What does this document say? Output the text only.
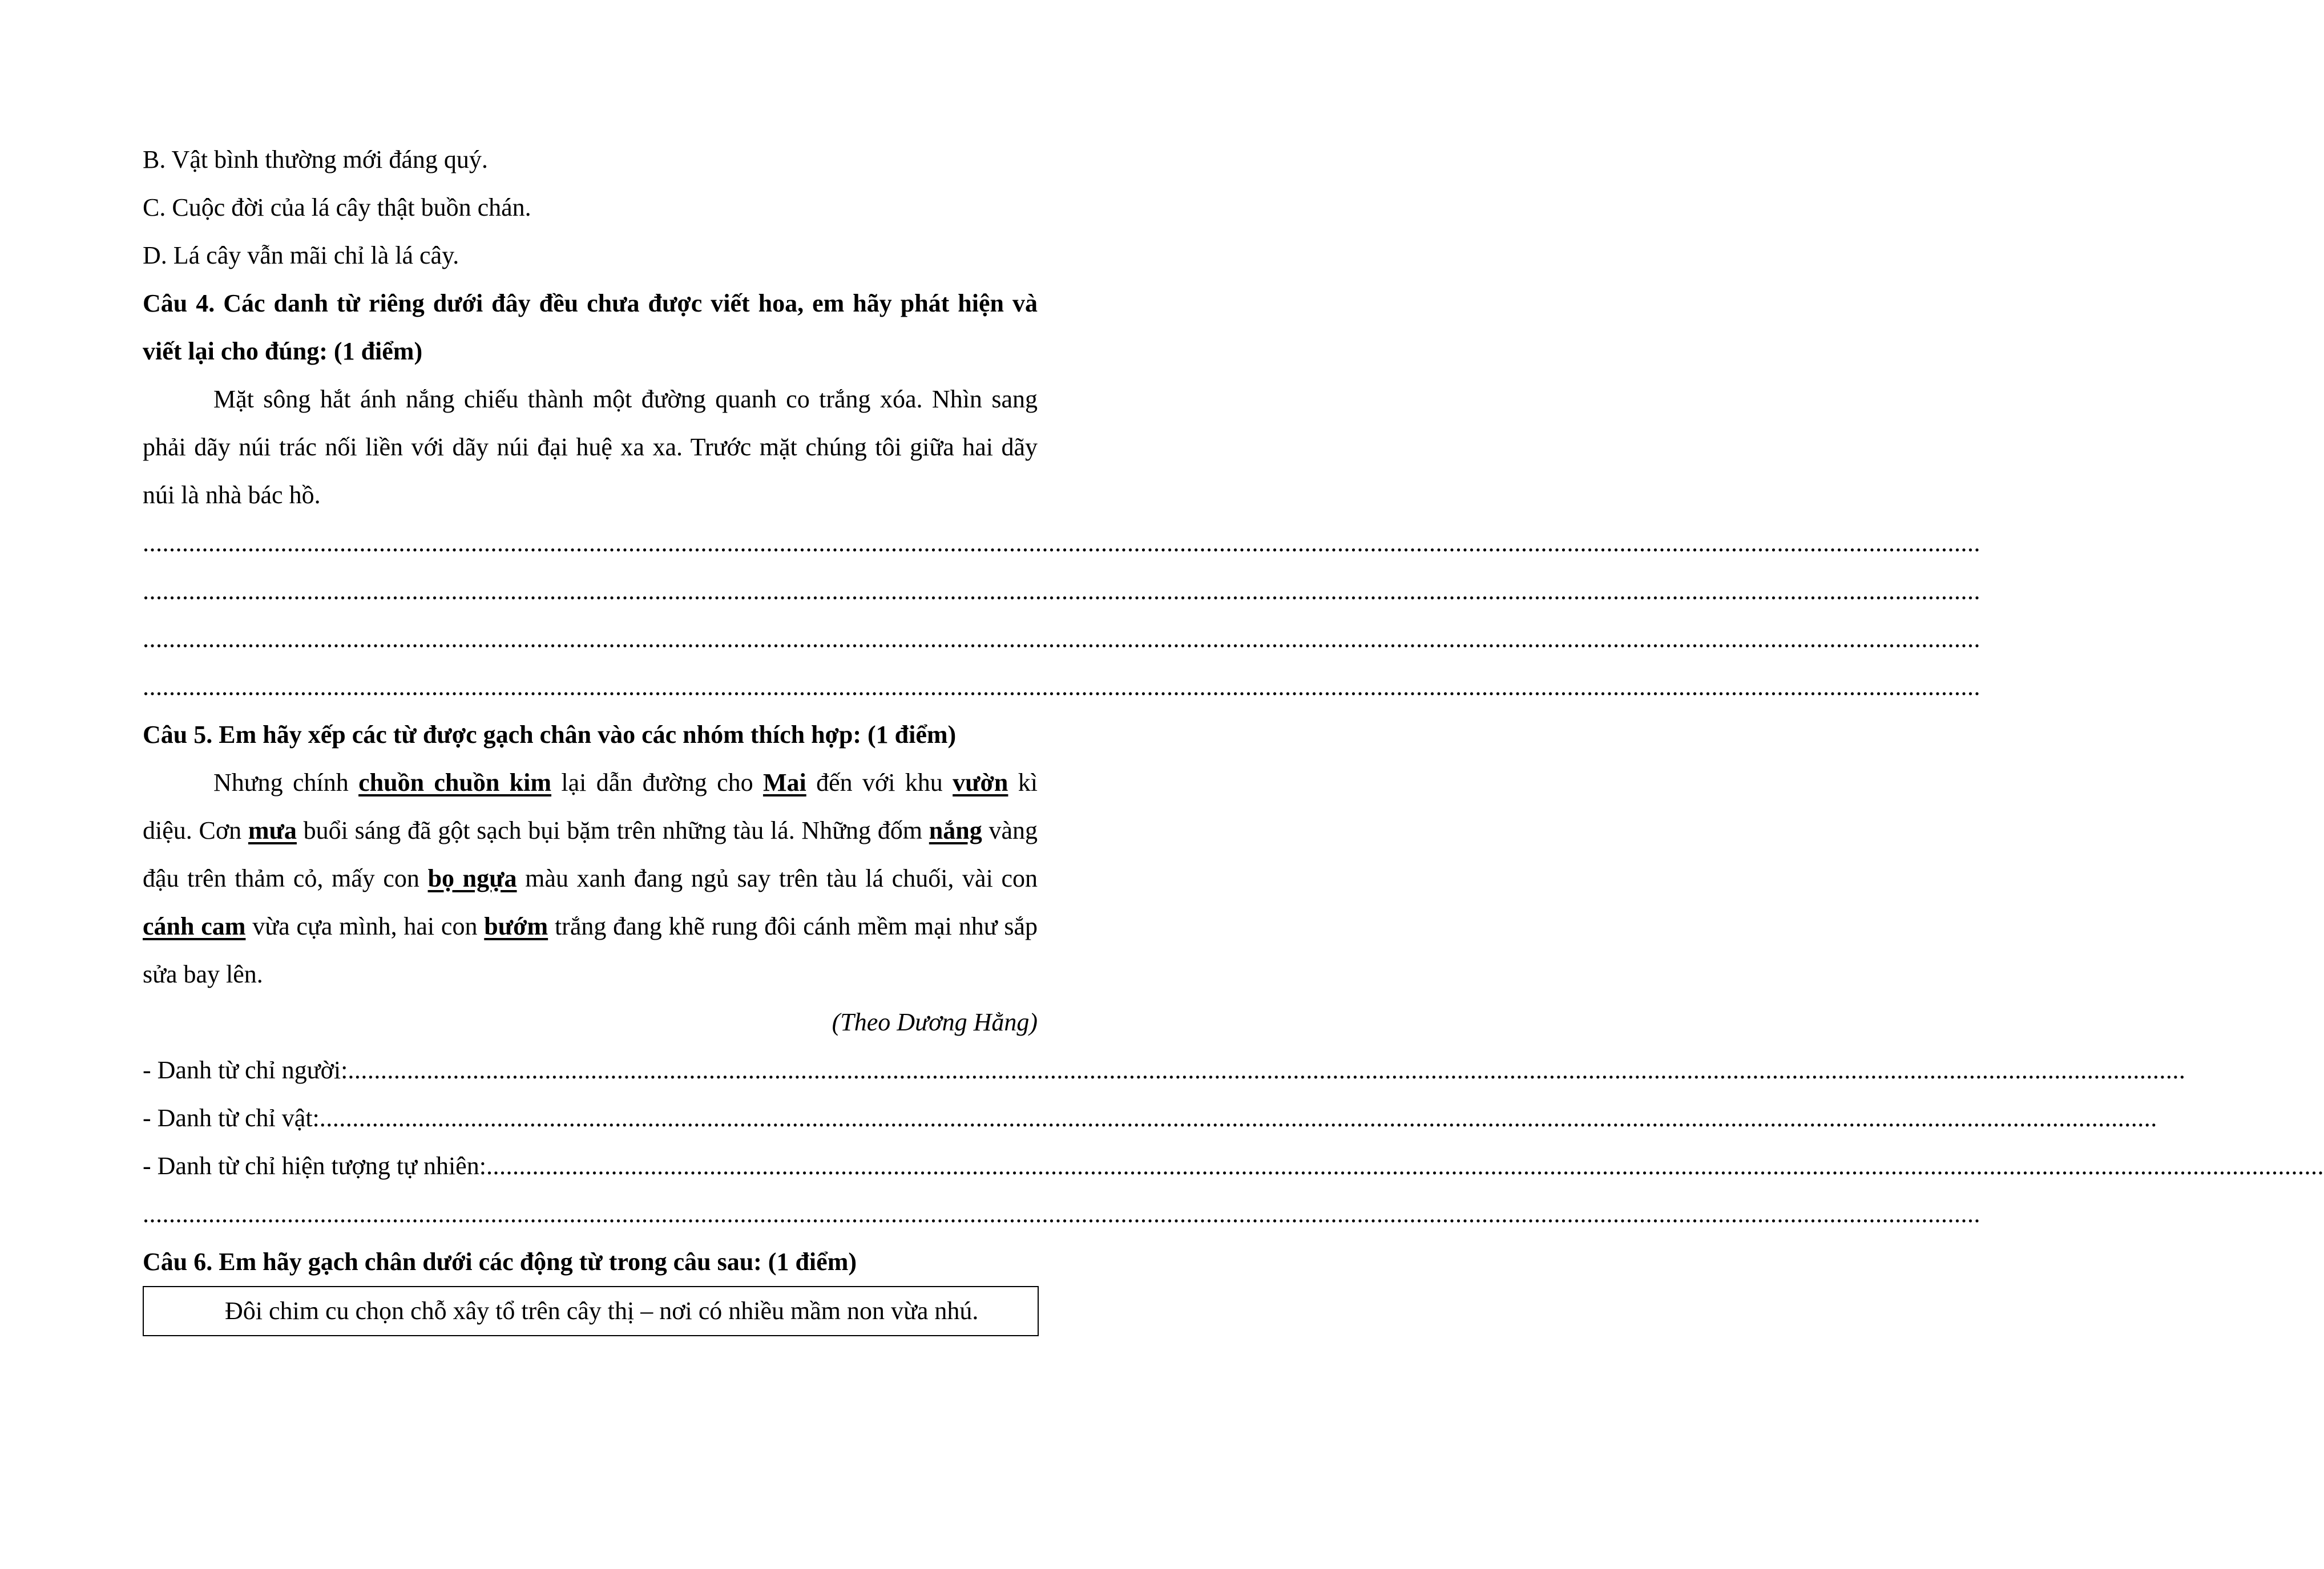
B. Vật bình thường mới đáng quý.
C. Cuộc đời của lá cây thật buồn chán.
D. Lá cây vẫn mãi chỉ là lá cây.

Câu 4. Các danh từ riêng dưới đây đều chưa được viết hoa, em hãy phát hiện và viết lại cho đúng: (1 điểm)

Mặt sông hắt ánh nắng chiếu thành một đường quanh co trắng xóa. Nhìn sang phải dãy núi trác nối liền với dãy núi đại huệ xa xa. Trước mặt chúng tôi giữa hai dãy núi là nhà bác hồ.

........................................................................................................................................................................................................................................................................................
........................................................................................................................................................................................................................................................................................
........................................................................................................................................................................................................................................................................................
........................................................................................................................................................................................................................................................................................

Câu 5. Em hãy xếp các từ được gạch chân vào các nhóm thích hợp: (1 điểm)

Nhưng chính chuồn chuồn kim lại dẫn đường cho Mai đến với khu vườn kì diệu. Cơn mưa buổi sáng đã gột sạch bụi bặm trên những tàu lá. Những đốm nắng vàng đậu trên thảm cỏ, mấy con bọ ngựa màu xanh đang ngủ say trên tàu lá chuối, vài con cánh cam vừa cựa mình, hai con bướm trắng đang khẽ rung đôi cánh mềm mại như sắp sửa bay lên.

(Theo Dương Hằng)
- Danh từ chỉ người: ........................................................................................................................................................................................................................................................................................
- Danh từ chỉ vật: ........................................................................................................................................................................................................................................................................................
- Danh từ chỉ hiện tượng tự nhiên: ........................................................................................................................................................................................................................................................................................
........................................................................................................................................................................................................................................................................................
Câu 6. Em hãy gạch chân dưới các động từ trong câu sau: (1 điểm)

Đôi chim cu chọn chỗ xây tổ trên cây thị – nơi có nhiều mầm non vừa nhú.
